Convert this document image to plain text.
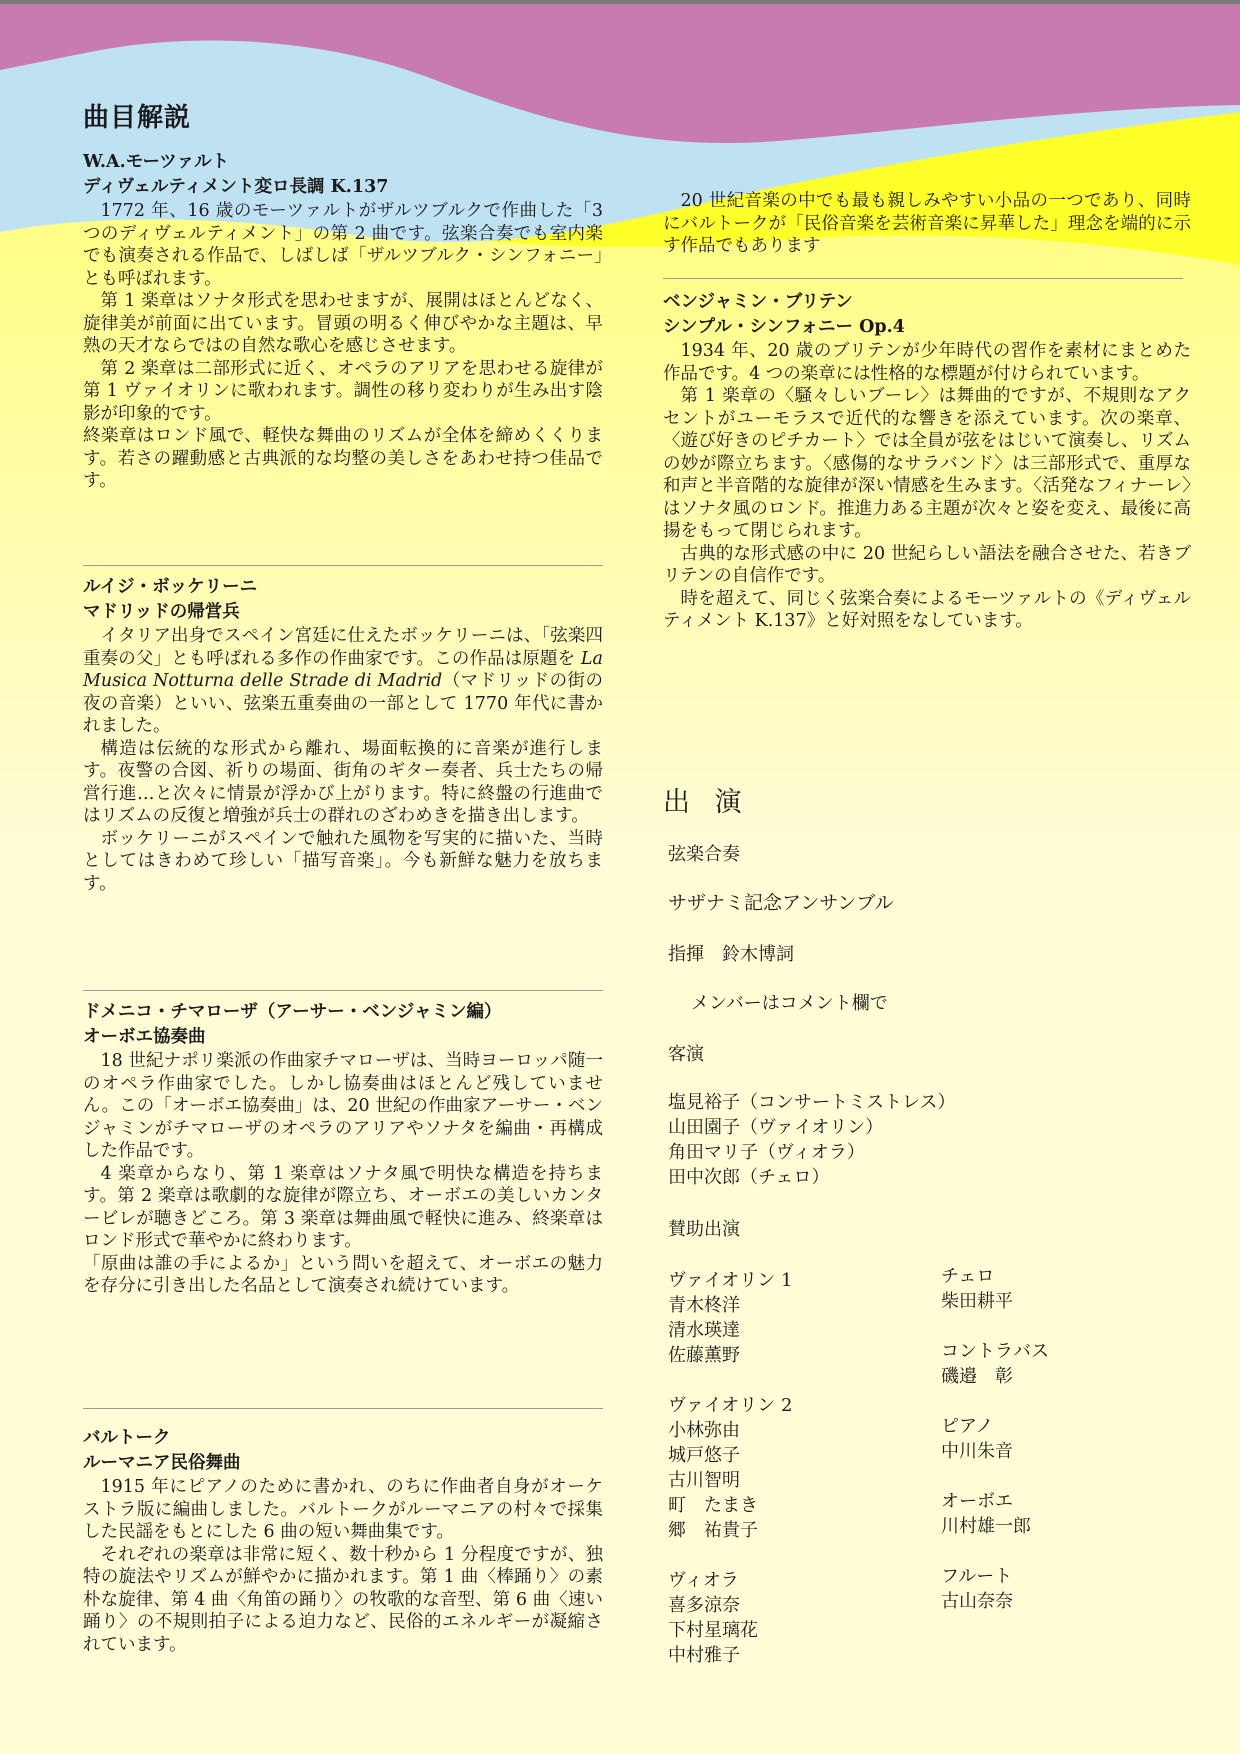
曲目解説
W.A.モーツァルト
ディヴェルティメント変ロ長調 K.137

1772 年、16 歳のモーツァルトがザルツブルクで作曲した「3つのディヴェルティメント」の第 2 曲です。弦楽合奏でも室内楽でも演奏される作品で、しばしば「ザルツブルク・シンフォニー」とも呼ばれます。

第 1 楽章はソナタ形式を思わせますが、展開はほとんどなく、旋律美が前面に出ています。冒頭の明るく伸びやかな主題は、早熟の天才ならではの自然な歌心を感じさせます。

第 2 楽章は二部形式に近く、オペラのアリアを思わせる旋律が第 1 ヴァイオリンに歌われます。調性の移り変わりが生み出す陰影が印象的です。

終楽章はロンド風で、軽快な舞曲のリズムが全体を締めくくります。若さの躍動感と古典派的な均整の美しさをあわせ持つ佳品です。

ルイジ・ボッケリーニ
マドリッドの帰営兵

イタリア出身でスペイン宮廷に仕えたボッケリーニは、「弦楽四重奏の父」とも呼ばれる多作の作曲家です。この作品は原題を La Musica Notturna delle Strade di Madrid（マドリッドの街の夜の音楽）といい、弦楽五重奏曲の一部として 1770 年代に書かれました。

構造は伝統的な形式から離れ、場面転換的に音楽が進行します。夜警の合図、祈りの場面、街角のギター奏者、兵士たちの帰営行進…と次々に情景が浮かび上がります。特に終盤の行進曲ではリズムの反復と増強が兵士の群れのざわめきを描き出します。

ボッケリーニがスペインで触れた風物を写実的に描いた、当時としてはきわめて珍しい「描写音楽」。今も新鮮な魅力を放ちます。

ドメニコ・チマローザ（アーサー・ベンジャミン編）
オーボエ協奏曲

18 世紀ナポリ楽派の作曲家チマローザは、当時ヨーロッパ随一のオペラ作曲家でした。しかし協奏曲はほとんど残していません。この「オーボエ協奏曲」は、20 世紀の作曲家アーサー・ベンジャミンがチマローザのオペラのアリアやソナタを編曲・再構成した作品です。

4 楽章からなり、第 1 楽章はソナタ風で明快な構造を持ちます。第 2 楽章は歌劇的な旋律が際立ち、オーボエの美しいカンタービレが聴きどころ。第 3 楽章は舞曲風で軽快に進み、終楽章はロンド形式で華やかに終わります。

「原曲は誰の手によるか」という問いを超えて、オーボエの魅力を存分に引き出した名品として演奏され続けています。

バルトーク
ルーマニア民俗舞曲

1915 年にピアノのために書かれ、のちに作曲者自身がオーケストラ版に編曲しました。バルトークがルーマニアの村々で採集した民謡をもとにした 6 曲の短い舞曲集です。

それぞれの楽章は非常に短く、数十秒から 1 分程度ですが、独特の旋法やリズムが鮮やかに描かれます。第 1 曲〈棒踊り〉の素朴な旋律、第 4 曲〈角笛の踊り〉の牧歌的な音型、第 6 曲〈速い踊り〉の不規則拍子による迫力など、民俗的エネルギーが凝縮されています。

20 世紀音楽の中でも最も親しみやすい小品の一つであり、同時にバルトークが「民俗音楽を芸術音楽に昇華した」理念を端的に示す作品でもあります

ベンジャミン・ブリテン
シンプル・シンフォニー Op.4

1934 年、20 歳のブリテンが少年時代の習作を素材にまとめた作品です。4 つの楽章には性格的な標題が付けられています。

第 1 楽章の〈騒々しいブーレ〉は舞曲的ですが、不規則なアクセントがユーモラスで近代的な響きを添えています。次の楽章、〈遊び好きのピチカート〉では全員が弦をはじいて演奏し、リズムの妙が際立ちます。〈感傷的なサラバンド〉は三部形式で、重厚な和声と半音階的な旋律が深い情感を生みます。〈活発なフィナーレ〉はソナタ風のロンド。推進力ある主題が次々と姿を変え、最後に高揚をもって閉じられます。

古典的な形式感の中に 20 世紀らしい語法を融合させた、若きブリテンの自信作です。

時を超えて、同じく弦楽合奏によるモーツァルトの《ディヴェルティメント K.137》と好対照をなしています。

出 演
弦楽合奏
サザナミ記念アンサンブル
指揮　鈴木博詞
メンバーはコメント欄で
客演
塩見裕子（コンサートミストレス）
山田園子（ヴァイオリン）
角田マリ子（ヴィオラ）
田中次郎（チェロ）
賛助出演
ヴァイオリン 1
青木柊洋
清水瑛達
佐藤薫野
ヴァイオリン 2
小林弥由
城戸悠子
古川智明
町　たまき
郷　祐貴子
ヴィオラ
喜多涼奈
下村星璃花
中村雅子
チェロ
柴田耕平
コントラバス
磯邉　彰
ピアノ
中川朱音
オーボエ
川村雄一郎
フルート
古山奈奈
